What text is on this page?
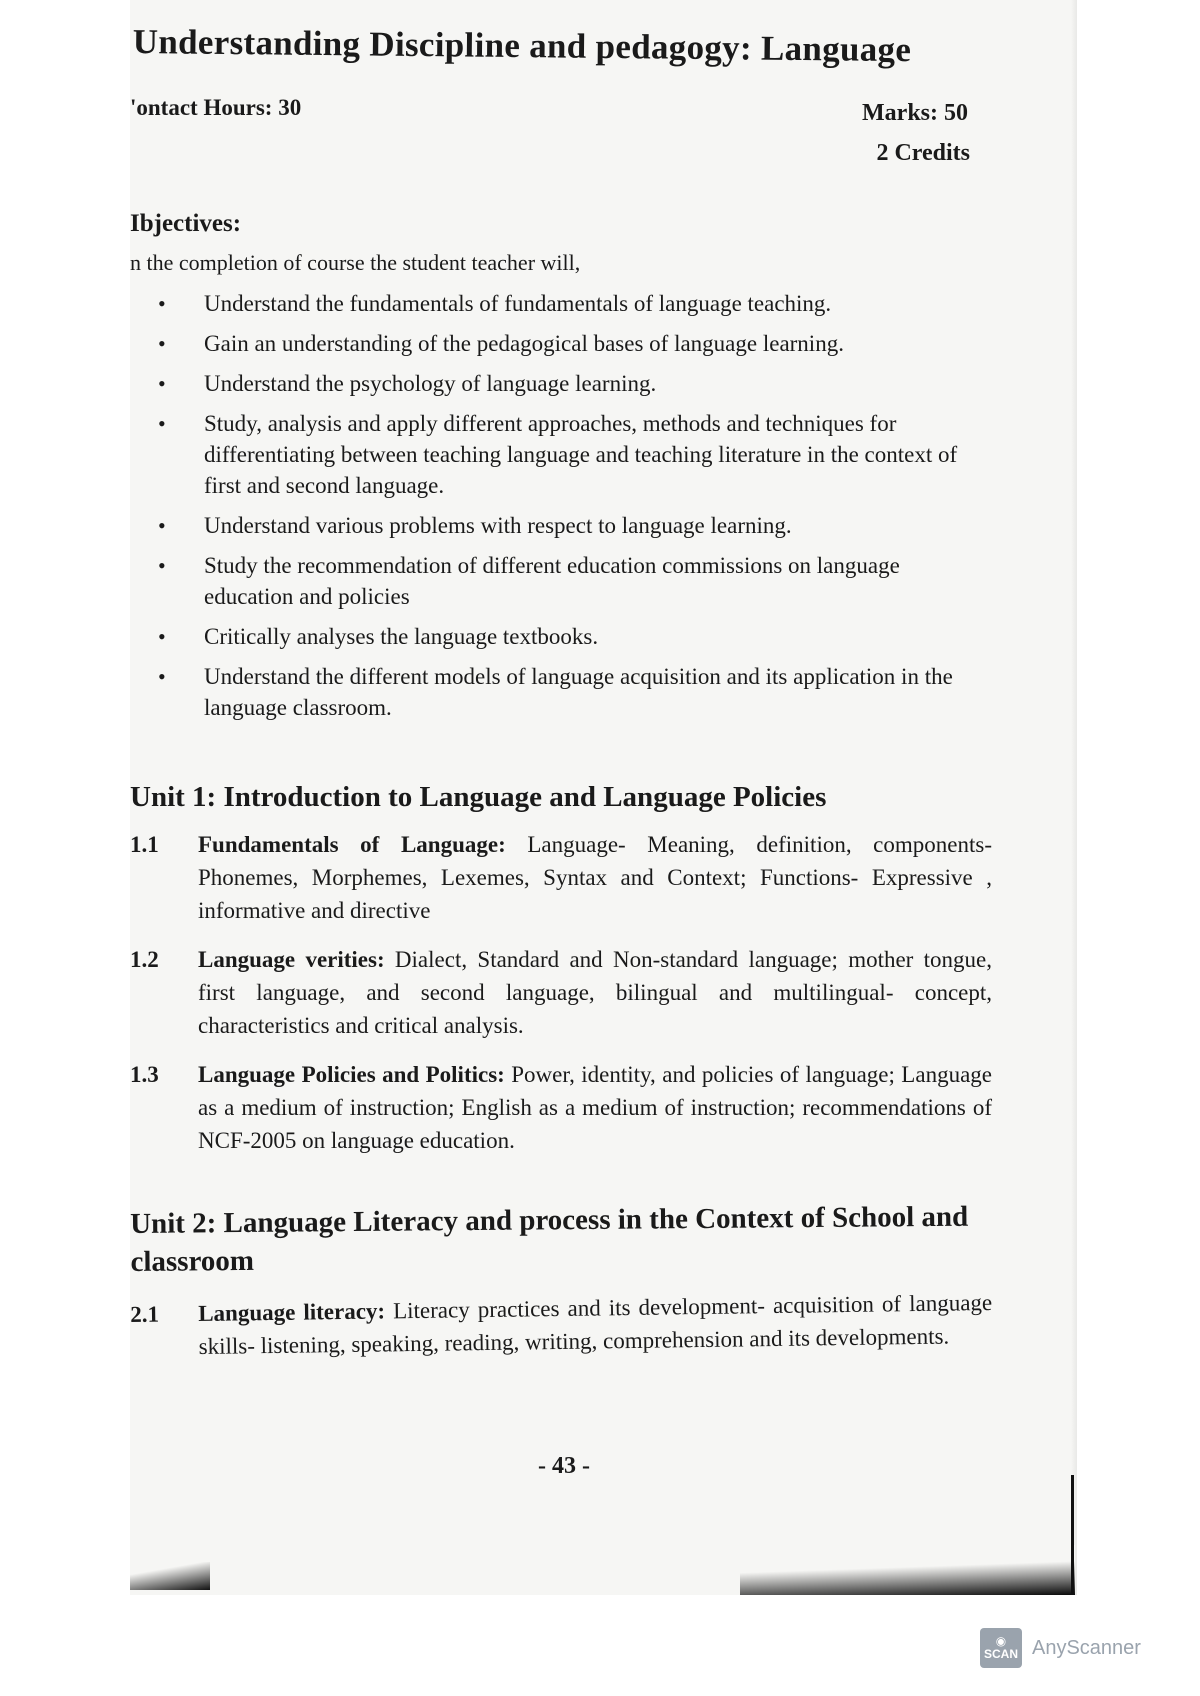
Understanding Discipline and pedagogy: Language
'ontact Hours: 30	Marks: 50
2 Credits
Ibjectives:
n the completion of course the student teacher will,
• Understand the fundamentals of fundamentals of language teaching.
• Gain an understanding of the pedagogical bases of language learning.
• Understand the psychology of language learning.
• Study, analysis and apply different approaches, methods and techniques for differentiating between teaching language and teaching literature in the context of first and second language.
• Understand various problems with respect to language learning.
• Study the recommendation of different education commissions on language education and policies
• Critically analyses the language textbooks.
• Understand the different models of language acquisition and its application in the language classroom.
Unit 1: Introduction to Language and Language Policies
1.1 Fundamentals of Language: Language- Meaning, definition, components- Phonemes, Morphemes, Lexemes, Syntax and Context; Functions- Expressive , informative and directive
1.2 Language verities: Dialect, Standard and Non-standard language; mother tongue, first language, and second language, bilingual and multilingual- concept, characteristics and critical analysis.
1.3 Language Policies and Politics: Power, identity, and policies of language; Language as a medium of instruction; English as a medium of instruction; recommendations of NCF-2005 on language education.
Unit 2: Language Literacy and process in the Context of School and classroom
2.1 Language literacy: Literacy practices and its development- acquisition of language skills- listening, speaking, reading, writing, comprehension and its developments.
- 43 -
◉
SCAN AnyScanner
